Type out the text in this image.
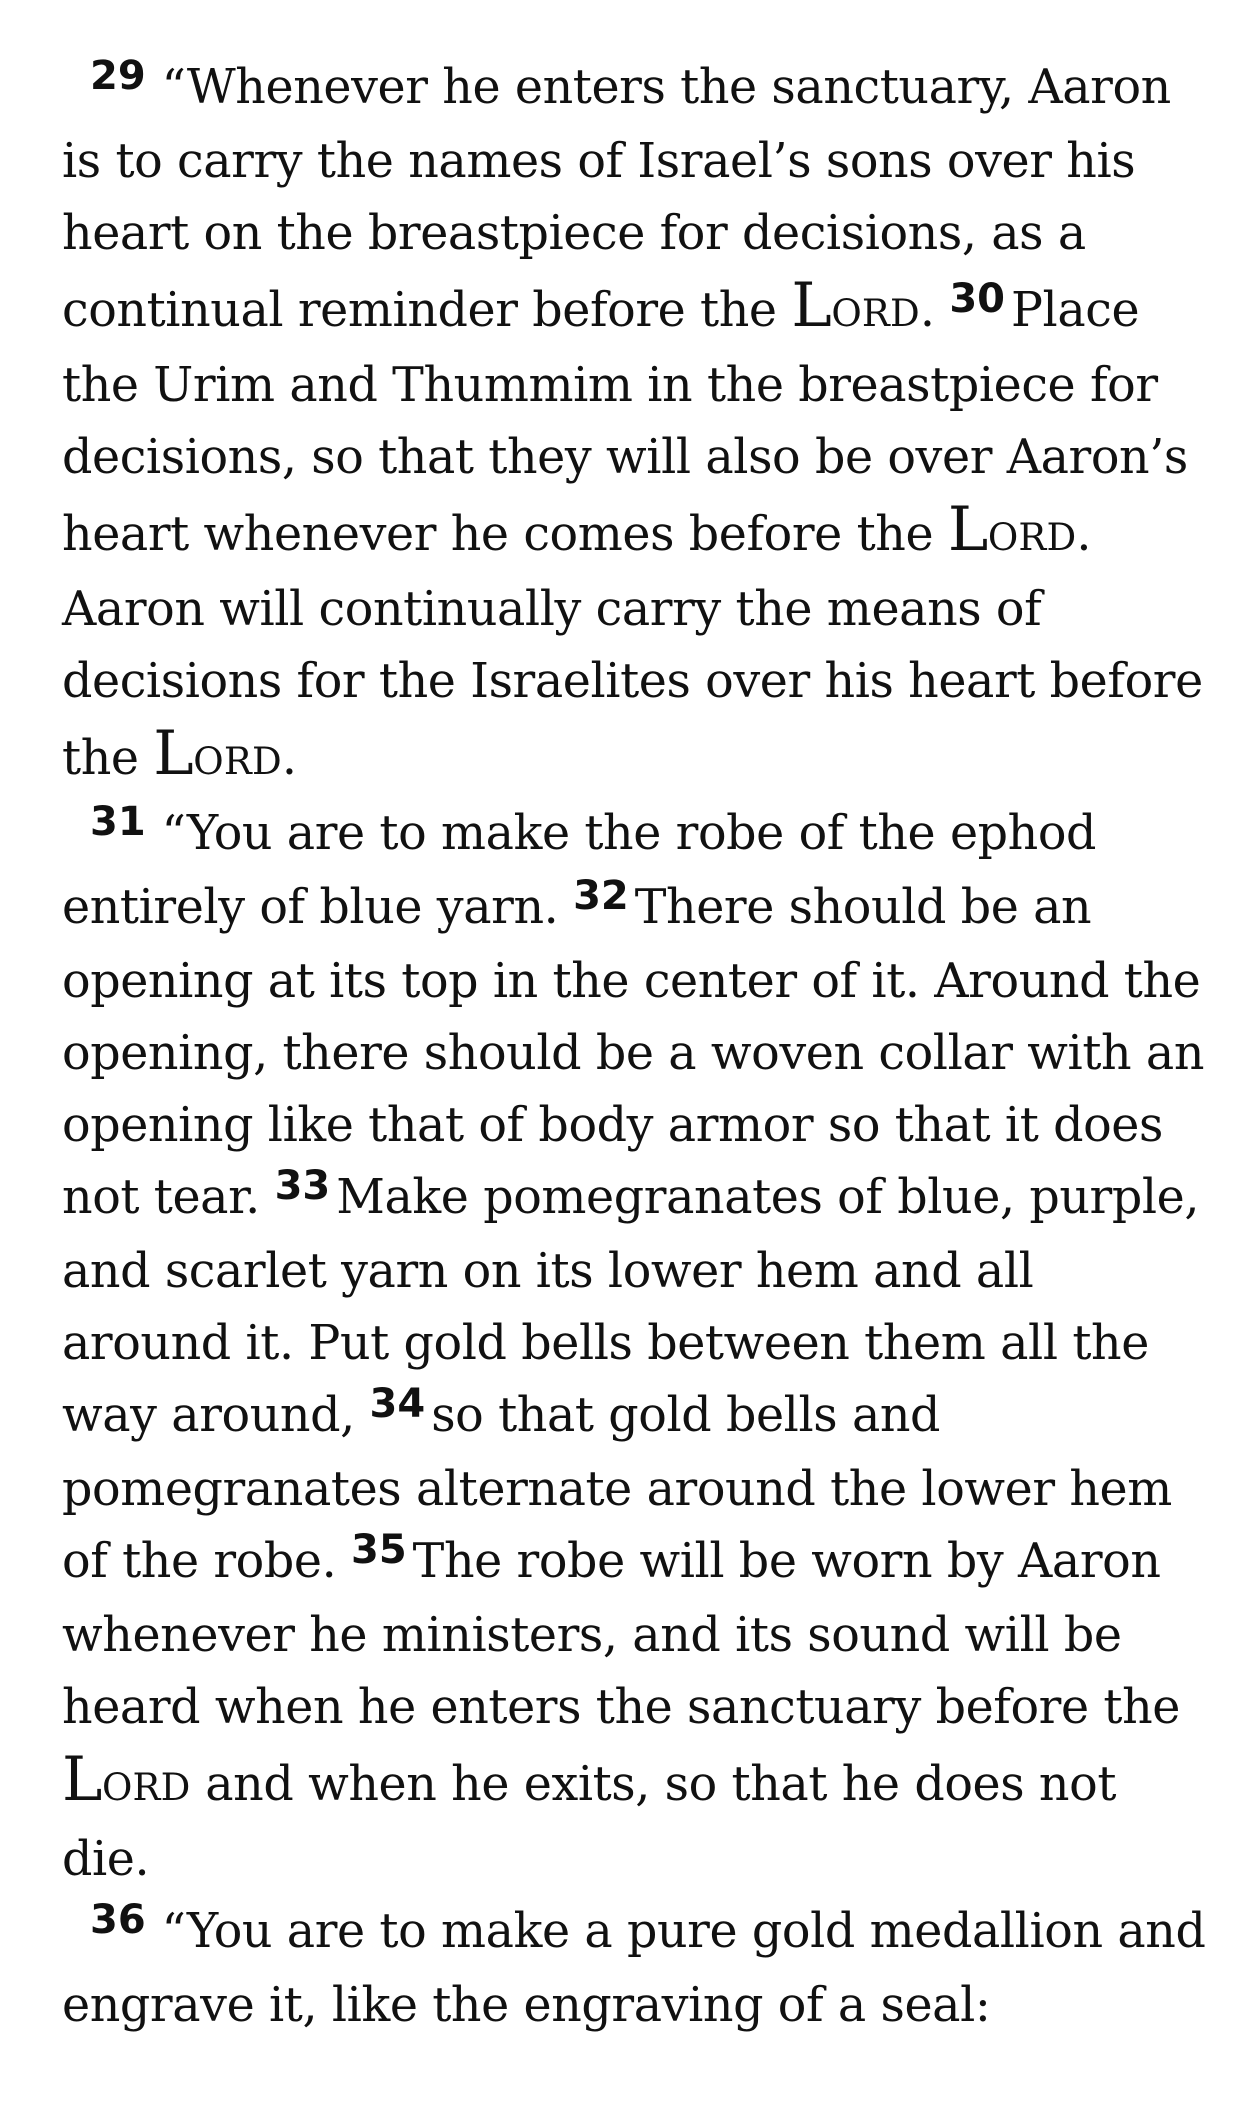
$^{29}$ “Whenever he enters the sanctuary, Aaron is to carry the names of Israel’s sons over his heart on the breastpiece for decisions, as a continual reminder before the LORD. $^{30}$ Place the Urim and Thummim in the breastpiece for decisions, so that they will also be over Aaron’s heart whenever he comes before the LORD. Aaron will continually carry the means of decisions for the Israelites over his heart before the LORD.

$^{31}$ “You are to make the robe of the ephod entirely of blue yarn. $^{32}$ There should be an opening at its top in the center of it. Around the opening, there should be a woven collar with an opening like that of body armor so that it does not tear. $^{33}$ Make pomegranates of blue, purple, and scarlet yarn on its lower hem and all around it. Put gold bells between them all the way around, $^{34}$ so that gold bells and pomegranates alternate around the lower hem of the robe. $^{35}$ The robe will be worn by Aaron whenever he ministers, and its sound will be heard when he enters the sanctuary before the LORD and when he exits, so that he does not die.

$^{36}$ “You are to make a pure gold medallion and engrave it, like the engraving of a seal:
